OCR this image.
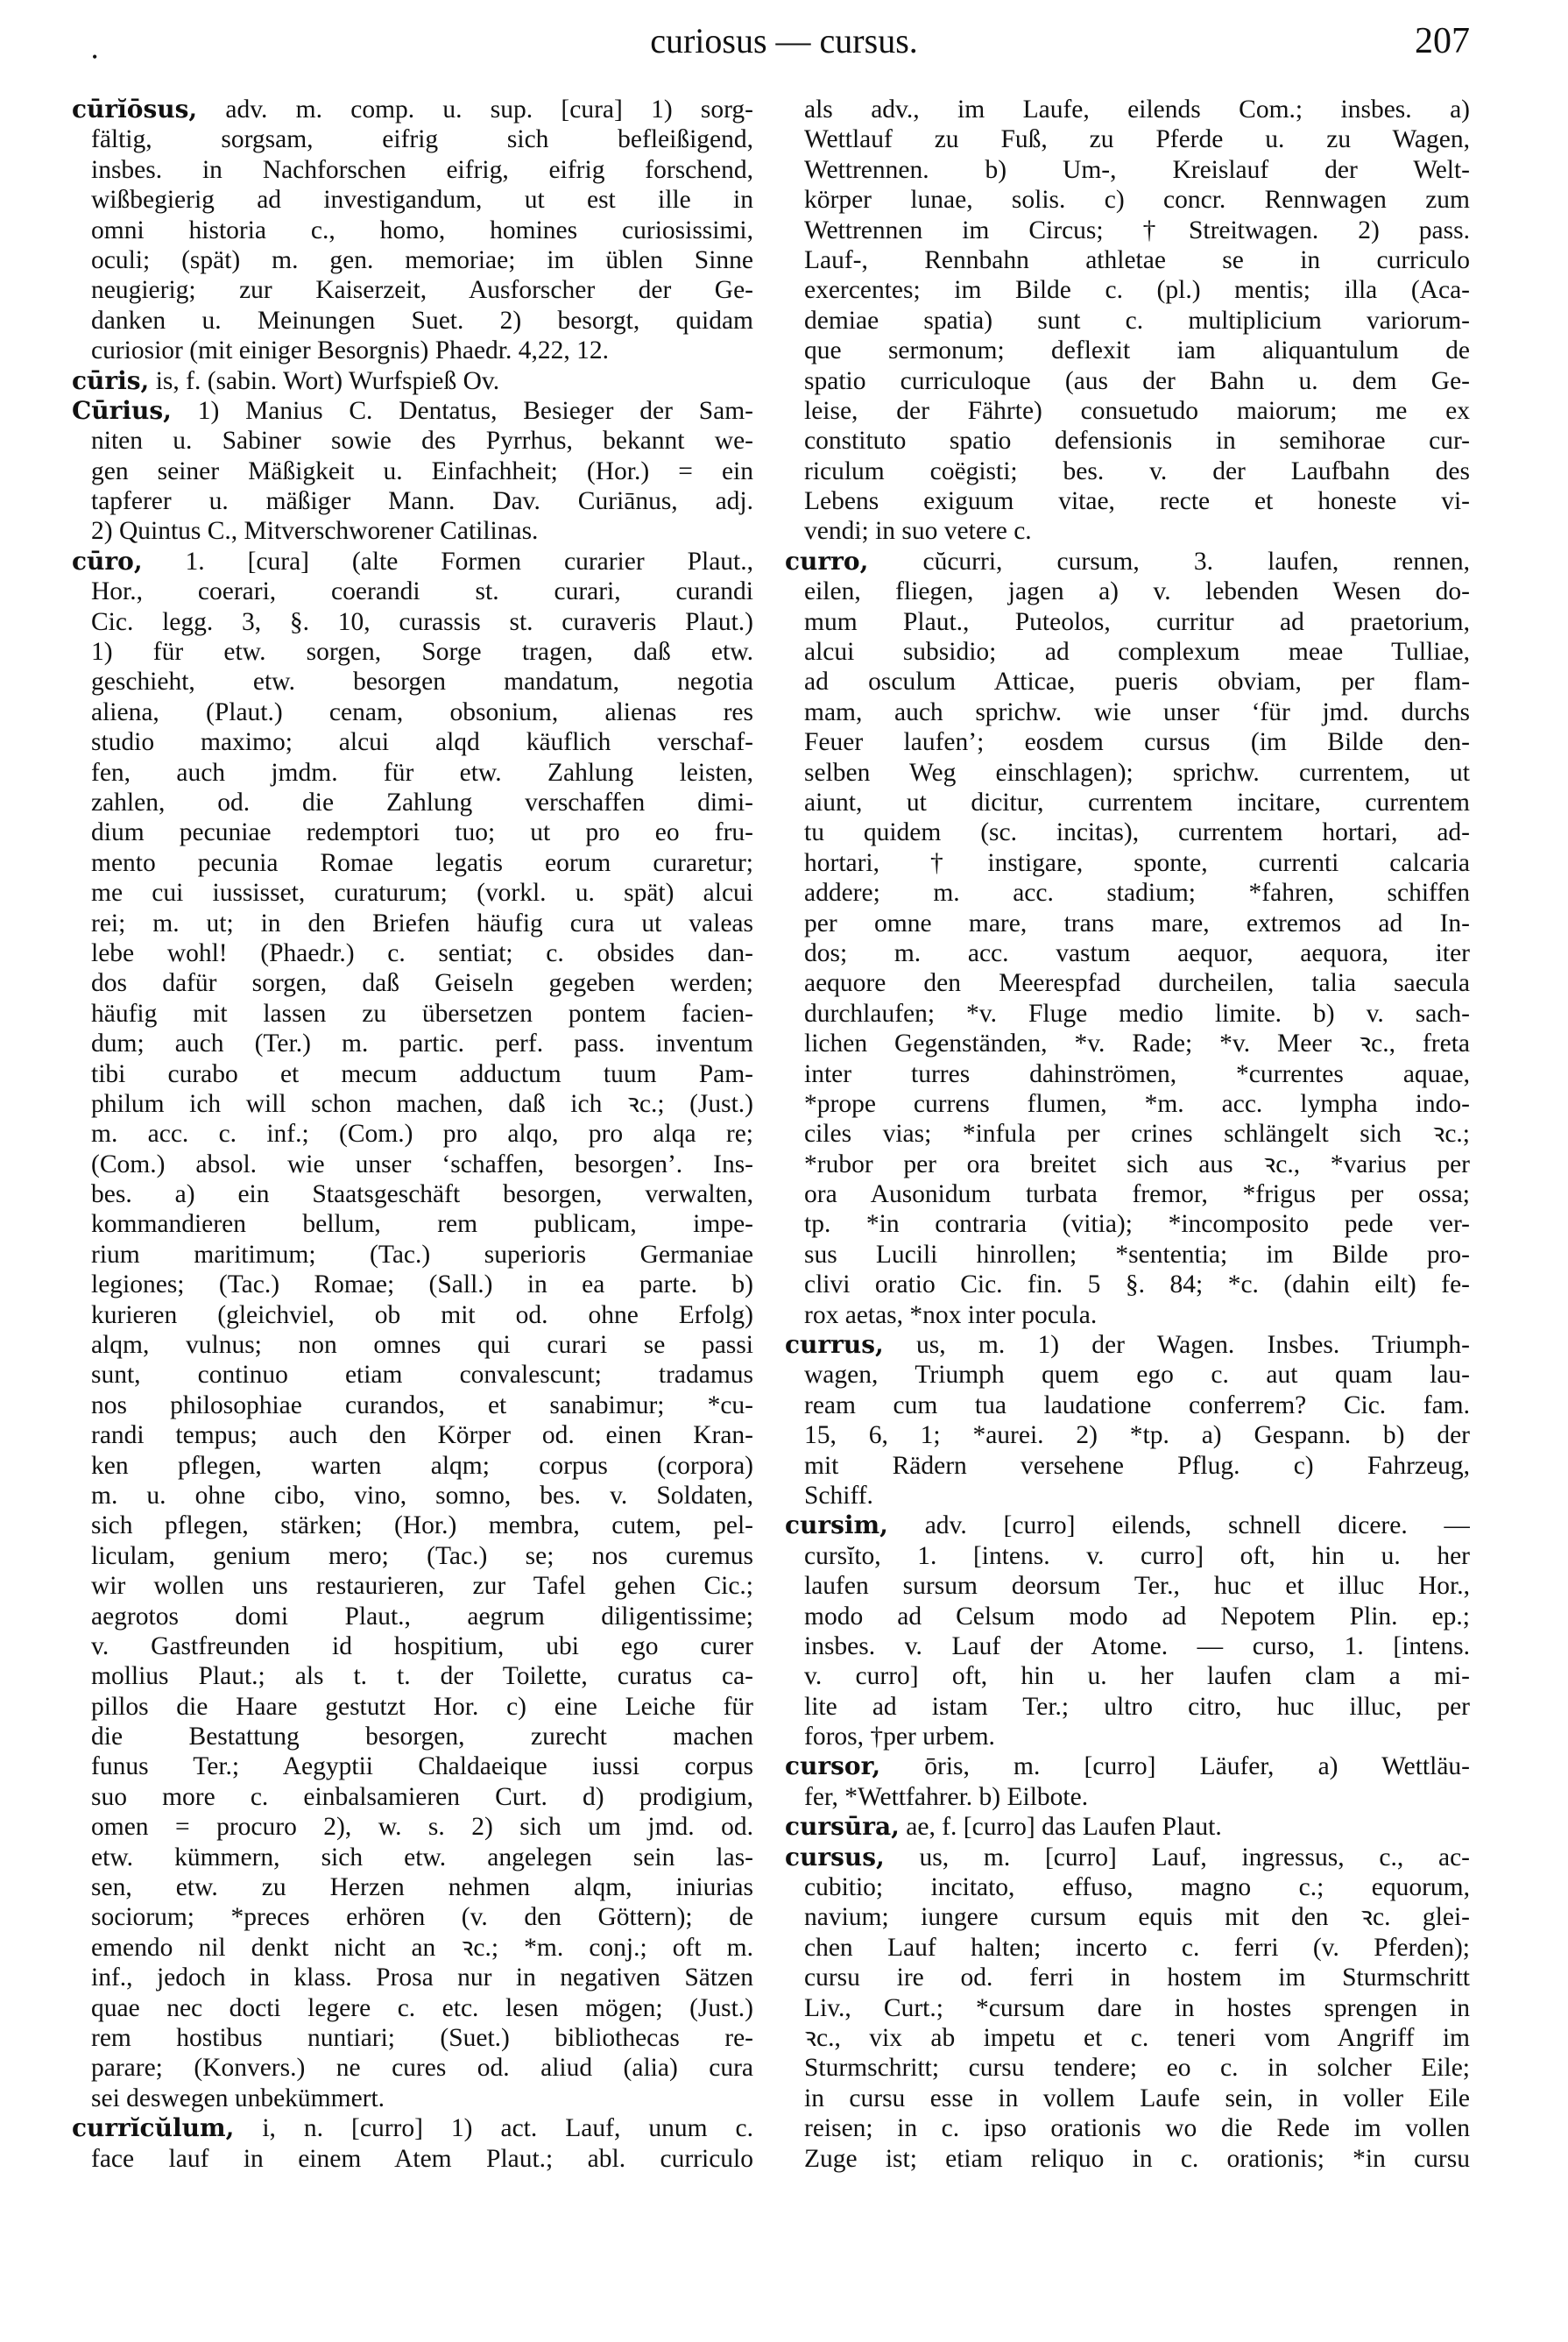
•	curiosus — cursus.	207
cūrĭōsus, adv. m. comp. u. sup. [cura] 1) sorg-
fältig, sorgsam, eifrig sich befleißigend,
insbes. in Nachforschen eifrig, eifrig forschend,
wißbegierig ad investigandum, ut est ille in
omni historia c., homo, homines curiosissimi,
oculi; (spät) m. gen. memoriae; im üblen Sinne
neugierig; zur Kaiserzeit, Ausforscher der Ge-
danken u. Meinungen Suet. 2) besorgt, quidam
curiosior (mit einiger Besorgnis) Phaedr. 4,22, 12.
cūris, is, f. (sabin. Wort) Wurfspieß Ov.
Cūrius, 1) Manius C. Dentatus, Besieger der Sam-
niten u. Sabiner sowie des Pyrrhus, bekannt we-
gen seiner Mäßigkeit u. Einfachheit; (Hor.) = ein
tapferer u. mäßiger Mann. Dav. Curiānus, adj.
2) Quintus C., Mitverschworener Catilinas.
cūro, 1. [cura] (alte Formen curarier Plaut.,
Hor., coerari, coerandi st. curari, curandi
Cic. legg. 3, §. 10, curassis st. curaveris Plaut.)
1) für etw. sorgen, Sorge tragen, daß etw.
geschieht, etw. besorgen mandatum, negotia
aliena, (Plaut.) cenam, obsonium, alienas res
studio maximo; alcui alqd käuflich verschaf-
fen, auch jmdm. für etw. Zahlung leisten,
zahlen, od. die Zahlung verschaffen dimi-
dium pecuniae redemptori tuo; ut pro eo fru-
mento pecunia Romae legatis eorum curaretur;
me cui iussisset, curaturum; (vorkl. u. spät) alcui
rei; m. ut; in den Briefen häufig cura ut valeas
lebe wohl! (Phaedr.) c. sentiat; c. obsides dan-
dos dafür sorgen, daß Geiseln gegeben werden;
häufig mit lassen zu übersetzen pontem facien-
dum; auch (Ter.) m. partic. perf. pass. inventum
tibi curabo et mecum adductum tuum Pam-
philum ich will schon machen, daß ich ꝛc.; (Just.)
m. acc. c. inf.; (Com.) pro alqo, pro alqa re;
(Com.) absol. wie unser ‘schaffen, besorgen’. Ins-
bes. a) ein Staatsgeschäft besorgen, verwalten,
kommandieren bellum, rem publicam, impe-
rium maritimum; (Tac.) superioris Germaniae
legiones; (Tac.) Romae; (Sall.) in ea parte. b)
kurieren (gleichviel, ob mit od. ohne Erfolg)
alqm, vulnus; non omnes qui curari se passi
sunt, continuo etiam convalescunt; tradamus
nos philosophiae curandos, et sanabimur; *cu-
randi tempus; auch den Körper od. einen Kran-
ken pflegen, warten alqm; corpus (corpora)
m. u. ohne cibo, vino, somno, bes. v. Soldaten,
sich pflegen, stärken; (Hor.) membra, cutem, pel-
liculam, genium mero; (Tac.) se; nos curemus
wir wollen uns restaurieren, zur Tafel gehen Cic.;
aegrotos domi Plaut., aegrum diligentissime;
v. Gastfreunden id hospitium, ubi ego curer
mollius Plaut.; als t. t. der Toilette, curatus ca-
pillos die Haare gestutzt Hor. c) eine Leiche für
die Bestattung besorgen, zurecht machen
funus Ter.; Aegyptii Chaldaeique iussi corpus
suo more c. einbalsamieren Curt. d) prodigium,
omen = procuro 2), w. s. 2) sich um jmd. od.
etw. kümmern, sich etw. angelegen sein las-
sen, etw. zu Herzen nehmen alqm, iniurias
sociorum; *preces erhören (v. den Göttern); de
emendo nil denkt nicht an ꝛc.; *m. conj.; oft m.
inf., jedoch in klass. Prosa nur in negativen Sätzen
quae nec docti legere c. etc. lesen mögen; (Just.)
rem hostibus nuntiari; (Suet.) bibliothecas re-
parare; (Konvers.) ne cures od. aliud (alia) cura
sei deswegen unbekümmert.
currĭcŭlum, i, n. [curro] 1) act. Lauf, unum c.
face lauf in einem Atem Plaut.; abl. curriculo
als adv., im Laufe, eilends Com.; insbes. a)
Wettlauf zu Fuß, zu Pferde u. zu Wagen,
Wettrennen. b) Um-, Kreislauf der Welt-
körper lunae, solis. c) concr. Rennwagen zum
Wettrennen im Circus; †Streitwagen. 2) pass.
Lauf-, Rennbahn athletae se in curriculo
exercentes; im Bilde c. (pl.) mentis; illa (Aca-
demiae spatia) sunt c. multiplicium variorum-
que sermonum; deflexit iam aliquantulum de
spatio curriculoque (aus der Bahn u. dem Ge-
leise, der Fährte) consuetudo maiorum; me ex
constituto spatio defensionis in semihorae cur-
riculum coëgisti; bes. v. der Laufbahn des
Lebens exiguum vitae, recte et honeste vi-
vendi; in suo vetere c.
curro, cŭcurri, cursum, 3. laufen, rennen,
eilen, fliegen, jagen a) v. lebenden Wesen do-
mum Plaut., Puteolos, curritur ad praetorium,
alcui subsidio; ad complexum meae Tulliae,
ad osculum Atticae, pueris obviam, per flam-
mam, auch sprichw. wie unser ‘für jmd. durchs
Feuer laufen’; eosdem cursus (im Bilde den-
selben Weg einschlagen); sprichw. currentem, ut
aiunt, ut dicitur, currentem incitare, currentem
tu quidem (sc. incitas), currentem hortari, ad-
hortari, †instigare, sponte, currenti calcaria
addere; m. acc. stadium; *fahren, schiffen
per omne mare, trans mare, extremos ad In-
dos; m. acc. vastum aequor, aequora, iter
aequore den Meerespfad durcheilen, talia saecula
durchlaufen; *v. Fluge medio limite. b) v. sach-
lichen Gegenständen, *v. Rade; *v. Meer ꝛc., freta
inter turres dahinströmen, *currentes aquae,
*prope currens flumen, *m. acc. lympha indo-
ciles vias; *infula per crines schlängelt sich ꝛc.;
*rubor per ora breitet sich aus ꝛc., *varius per
ora Ausonidum turbata fremor, *frigus per ossa;
tp. *in contraria (vitia); *incomposito pede ver-
sus Lucili hinrollen; *sententia; im Bilde pro-
clivi oratio Cic. fin. 5 §. 84; *c. (dahin eilt) fe-
rox aetas, *nox inter pocula.
currus, us, m. 1) der Wagen. Insbes. Triumph-
wagen, Triumph quem ego c. aut quam lau-
ream cum tua laudatione conferrem? Cic. fam.
15, 6, 1; *aurei. 2) *tp. a) Gespann. b) der
mit Rädern versehene Pflug. c) Fahrzeug,
Schiff.
cursim, adv. [curro] eilends, schnell dicere. —
cursĭto, 1. [intens. v. curro] oft, hin u. her
laufen sursum deorsum Ter., huc et illuc Hor.,
modo ad Celsum modo ad Nepotem Plin. ep.;
insbes. v. Lauf der Atome. — curso, 1. [intens.
v. curro] oft, hin u. her laufen clam a mi-
lite ad istam Ter.; ultro citro, huc illuc, per
foros, †per urbem.
cursor, ōris, m. [curro] Läufer, a) Wettläu-
fer, *Wettfahrer. b) Eilbote.
cursūra, ae, f. [curro] das Laufen Plaut.
cursus, us, m. [curro] Lauf, ingressus, c., ac-
cubitio; incitato, effuso, magno c.; equorum,
navium; iungere cursum equis mit den ꝛc. glei-
chen Lauf halten; incerto c. ferri (v. Pferden);
cursu ire od. ferri in hostem im Sturmschritt
Liv., Curt.; *cursum dare in hostes sprengen in
ꝛc., vix ab impetu et c. teneri vom Angriff im
Sturmschritt; cursu tendere; eo c. in solcher Eile;
in cursu esse in vollem Laufe sein, in voller Eile
reisen; in c. ipso orationis wo die Rede im vollen
Zuge ist; etiam reliquo in c. orationis; *in cursu
